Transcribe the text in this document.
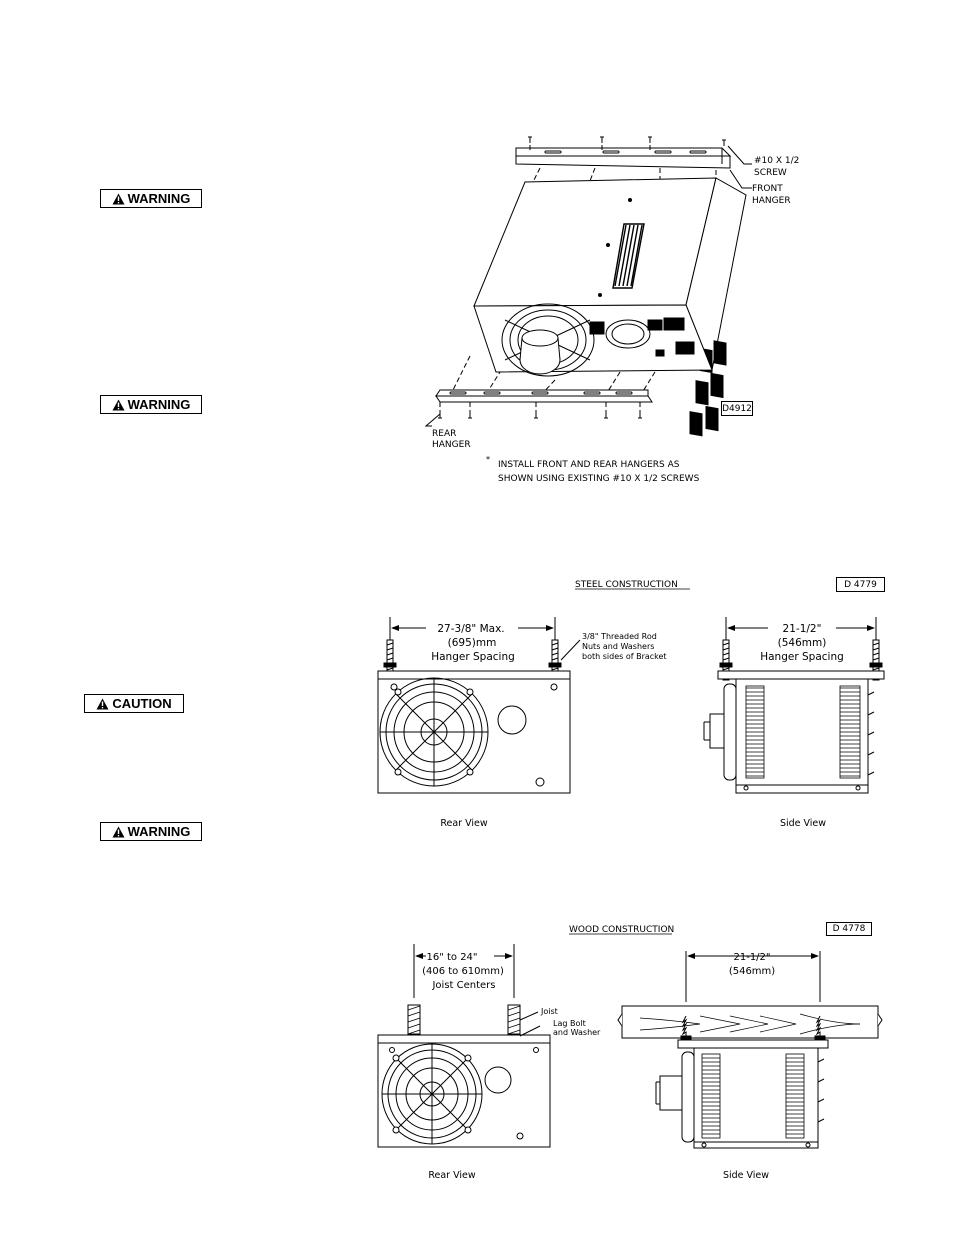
WARNING
WARNING
CAUTION
WARNING
D4912
D 4779
D 4778
#10 X 1/2
SCREW
FRONT
HANGER
REAR
HANGER
*
INSTALL FRONT AND REAR HANGERS AS
SHOWN USING EXISTING #10 X 1/2 SCREWS
STEEL CONSTRUCTION
27-3/8" Max.
(695)mm
Hanger Spacing
3/8" Threaded Rod
Nuts and Washers
both sides of Bracket
21-1/2"
(546mm)
Hanger Spacing
Rear View	Side View
WOOD CONSTRUCTION
16" to 24"
(406 to 610mm)
Joist Centers
Joist
Lag Bolt
and Washer
21-1/2"
(546mm)
Rear View	Side View
